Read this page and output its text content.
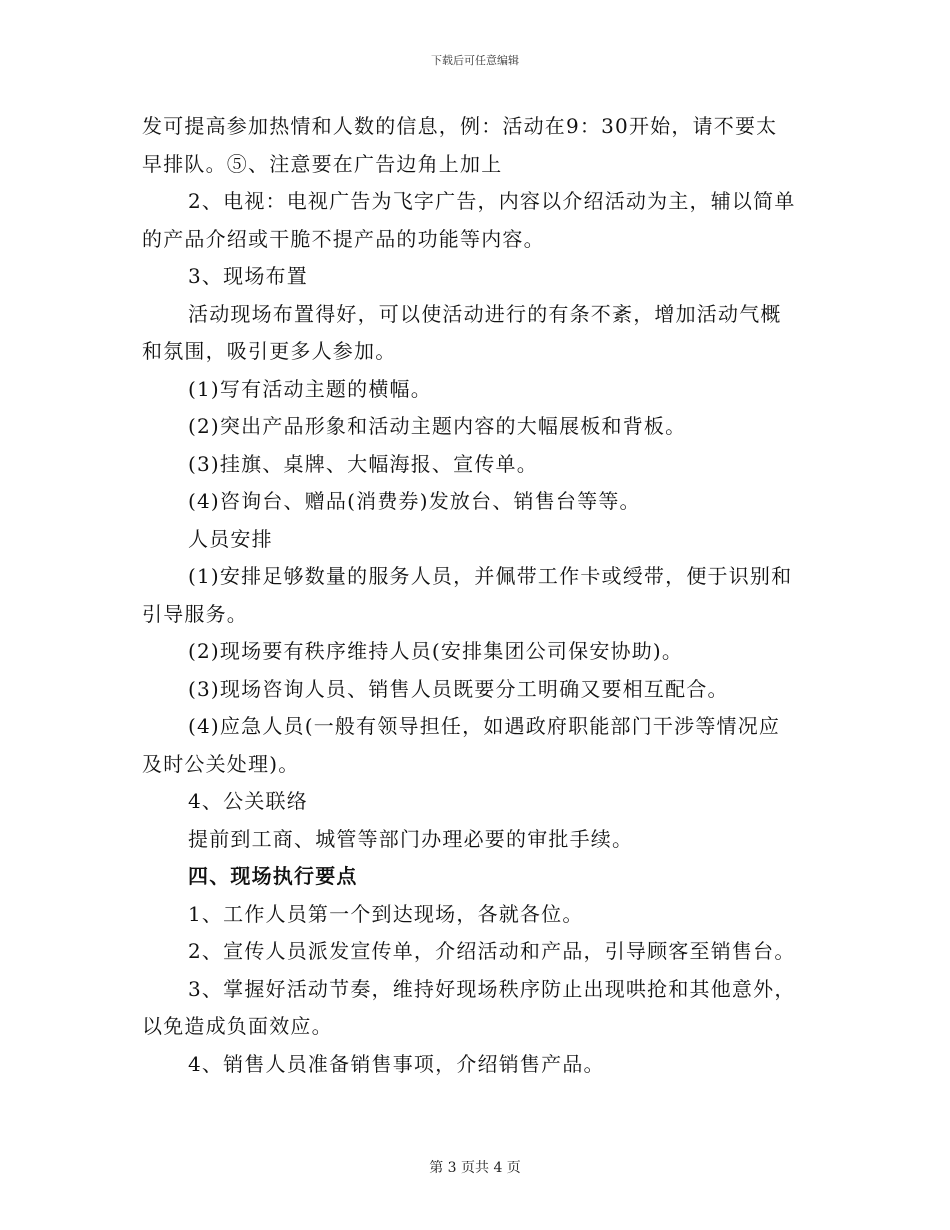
下载后可任意编辑
发可提高参加热情和人数的信息，例：活动在9：30开始，请不要太
早排队。⑤、注意要在广告边角上加上
2、电视：电视广告为飞字广告，内容以介绍活动为主，辅以简单
的产品介绍或干脆不提产品的功能等内容。
3、现场布置
活动现场布置得好，可以使活动进行的有条不紊，增加活动气概
和氛围，吸引更多人参加。
(1)写有活动主题的横幅。
(2)突出产品形象和活动主题内容的大幅展板和背板。
(3)挂旗、桌牌、大幅海报、宣传单。
(4)咨询台、赠品(消费券)发放台、销售台等等。
人员安排
(1)安排足够数量的服务人员，并佩带工作卡或绶带，便于识别和
引导服务。
(2)现场要有秩序维持人员(安排集团公司保安协助)。
(3)现场咨询人员、销售人员既要分工明确又要相互配合。
(4)应急人员(一般有领导担任，如遇政府职能部门干涉等情况应
及时公关处理)。
4、公关联络
提前到工商、城管等部门办理必要的审批手续。
四、现场执行要点
1、工作人员第一个到达现场，各就各位。
2、宣传人员派发宣传单，介绍活动和产品，引导顾客至销售台。
3、掌握好活动节奏，维持好现场秩序防止出现哄抢和其他意外，
以免造成负面效应。
4、销售人员准备销售事项，介绍销售产品。
第 3 页共 4 页
